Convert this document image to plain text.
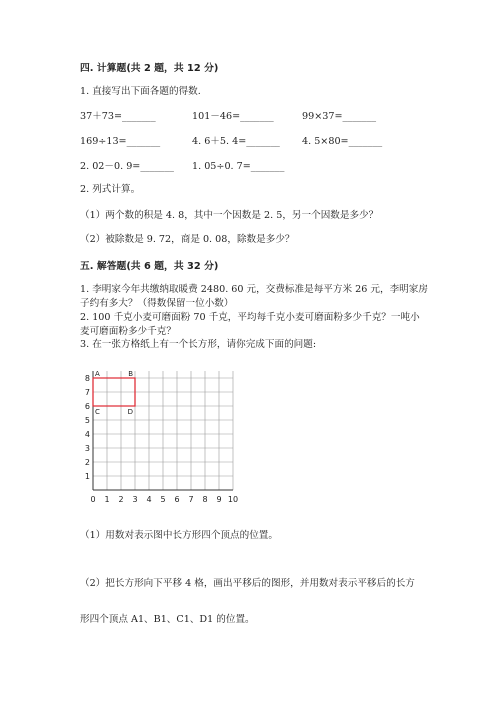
四. 计算题(共 2 题，共 12 分)
1. 直接写出下面各题的得数.
37＋73=_______	101－46=_______	99×37=_______
169÷13=_______	4. 6＋5. 4=_______ 4. 5×80=_______
2. 02－0. 9=_______ 1. 05÷0. 7=_______
2. 列式计算。
（1）两个数的积是 4. 8，其中一个因数是 2. 5，另一个因数是多少？
（2）被除数是 9. 72，商是 0. 08，除数是多少？
五. 解答题(共 6 题，共 32 分)
1. 李明家今年共缴纳取暖费 2480. 60 元，交费标准是每平方米 26 元，李明家房
子约有多大？（得数保留一位小数）
2. 100 千克小麦可磨面粉 70 千克，平均每千克小麦可磨面粉多少千克？一吨小
麦可磨面粉多少千克？
3. 在一张方格纸上有一个长方形，请你完成下面的问题:
0 1 2 3 4 5 6 7 8 9 10
1
2
3
4
5
6
7
8 A	B
D
C
（1）用数对表示图中长方形四个顶点的位置。
（2）把长方形向下平移 4 格，画出平移后的图形，并用数对表示平移后的长方
形四个顶点 A1、B1、C1、D1 的位置。
